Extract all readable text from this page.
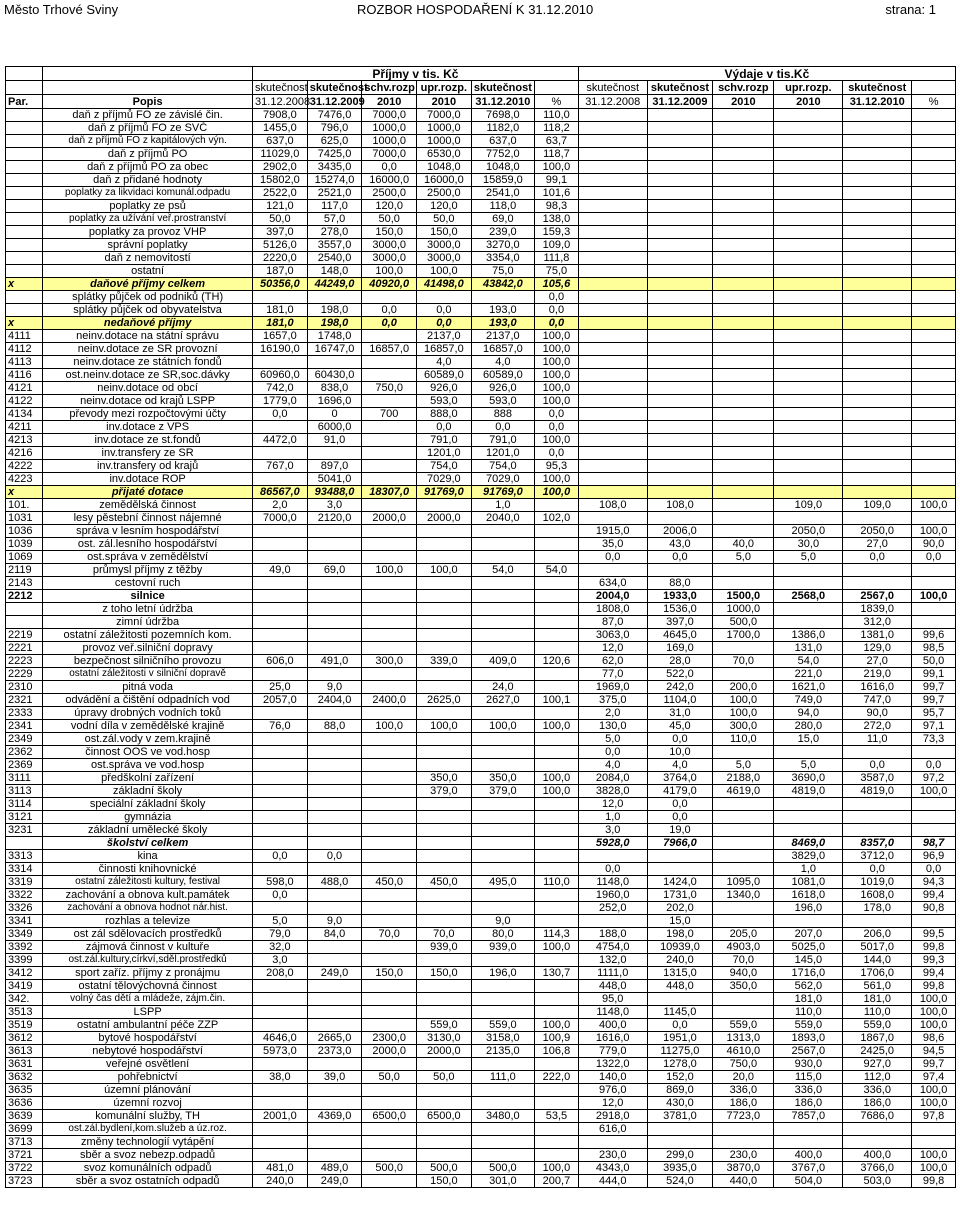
Město Trhové Sviny	ROZBOR HOSPODAŘENÍ K 31.12.2010	strana: 1
		Příjmy v tis. Kč						Výdaje v tis.Kč					
		skutečnost	skutečnost	schv.rozp	upr.rozp.	skutečnost		skutečnost	skutečnost	schv.rozp	upr.rozp.	skutečnost	
Par.	Popis	31.12.2008	31.12.2009	2010	2010	31.12.2010	%	31.12.2008	31.12.2009	2010	2010	31.12.2010	%
	daň z příjmů FO ze závislé čin.	7908,0	7476,0	7000,0	7000,0	7698,0	110,0						
	daň z příjmů FO ze SVČ	1455,0	796,0	1000,0	1000,0	1182,0	118,2						
	daň z příjmů FO z kapitálových výn.	637,0	625,0	1000,0	1000,0	637,0	63,7						
	daň z příjmů PO	11029,0	7425,0	7000,0	6530,0	7752,0	118,7						
	daň z příjmů PO za obec	2902,0	3435,0	0,0	1048,0	1048,0	100,0						
	daň z přidané hodnoty	15802,0	15274,0	16000,0	16000,0	15859,0	99,1						
	poplatky za likvidaci komunál.odpadu	2522,0	2521,0	2500,0	2500,0	2541,0	101,6						
	poplatky ze psů	121,0	117,0	120,0	120,0	118,0	98,3						
	poplatky za užívání veř.prostranství	50,0	57,0	50,0	50,0	69,0	138,0						
	poplatky za provoz VHP	397,0	278,0	150,0	150,0	239,0	159,3						
	správní poplatky	5126,0	3557,0	3000,0	3000,0	3270,0	109,0						
	daň z nemovitostí	2220,0	2540,0	3000,0	3000,0	3354,0	111,8						
	ostatní	187,0	148,0	100,0	100,0	75,0	75,0						
x	daňové příjmy celkem	50356,0	44249,0	40920,0	41498,0	43842,0	105,6						
	splátky půjček od podniků (TH)						0,0						
	splátky půjček od obyvatelstva	181,0	198,0	0,0	0,0	193,0	0,0						
x	nedaňové příjmy	181,0	198,0	0,0	0,0	193,0	0,0						
4111	neinv.dotace na státní správu	1657,0	1748,0		2137,0	2137,0	100,0						
4112	neinv.dotace ze SR provozní	16190,0	16747,0	16857,0	16857,0	16857,0	100,0						
4113	neinv.dotace ze státních fondů				4,0	4,0	100,0						
4116	ost.neinv.dotace ze SR,soc.dávky	60960,0	60430,0		60589,0	60589,0	100,0						
4121	neinv.dotace od obcí	742,0	838,0	750,0	926,0	926,0	100,0						
4122	neinv.dotace od krajů LSPP	1779,0	1696,0		593,0	593,0	100,0						
4134	převody mezi rozpočtovými účty	0,0	0	700	888,0	888	0,0						
4211	inv.dotace z VPS		6000,0		0,0	0,0	0,0						
4213	inv.dotace ze st.fondů	4472,0	91,0		791,0	791,0	100,0						
4216	inv.transfery ze SR				1201,0	1201,0	0,0						
4222	inv.transfery od krajů	767,0	897,0		754,0	754,0	95,3						
4223	inv.dotace ROP		5041,0		7029,0	7029,0	100,0						
x	přijaté dotace	86567,0	93488,0	18307,0	91769,0	91769,0	100,0						
101.	zemědělská činnost	2,0	3,0			1,0		108,0	108,0		109,0	109,0	100,0
1031	lesy pěstební činnost nájemné	7000,0	2120,0	2000,0	2000,0	2040,0	102,0						
1036	správa v lesním hospodářství							1915,0	2006,0		2050,0	2050,0	100,0
1039	ost. zál.lesního hospodářství							35,0	43,0	40,0	30,0	27,0	90,0
1069	ost.správa v zemědělství							0,0	0,0	5,0	5,0	0,0	0,0
2119	průmysl příjmy z těžby	49,0	69,0	100,0	100,0	54,0	54,0						
2143	cestovní ruch							634,0	88,0				
2212	silnice							2004,0	1933,0	1500,0	2568,0	2567,0	100,0
	z toho letní údržba							1808,0	1536,0	1000,0		1839,0	
	zimní údržba							87,0	397,0	500,0		312,0	
2219	ostatní záležitosti pozemních kom.							3063,0	4645,0	1700,0	1386,0	1381,0	99,6
2221	provoz veř.silniční dopravy							12,0	169,0		131,0	129,0	98,5
2223	bezpečnost silničního provozu	606,0	491,0	300,0	339,0	409,0	120,6	62,0	28,0	70,0	54,0	27,0	50,0
2229	ostatní záležitosti v silniční dopravě							77,0	522,0		221,0	219,0	99,1
2310	pitná voda	25,0	9,0			24,0		1969,0	242,0	200,0	1621,0	1616,0	99,7
2321	odvádění a čištění odpadních vod	2057,0	2404,0	2400,0	2625,0	2627,0	100,1	375,0	1104,0	100,0	749,0	747,0	99,7
2333	úpravy drobných vodních toků							2,0	31,0	100,0	94,0	90,0	95,7
2341	vodní díla v zemědělské krajině	76,0	88,0	100,0	100,0	100,0	100,0	130,0	45,0	300,0	280,0	272,0	97,1
2349	ost.zál.vody v zem.krajině							5,0	0,0	110,0	15,0	11,0	73,3
2362	činnost OOS ve vod.hosp							0,0	10,0				
2369	ost.správa ve vod.hosp							4,0	4,0	5,0	5,0	0,0	0,0
3111	předškolní zařízení				350,0	350,0	100,0	2084,0	3764,0	2188,0	3690,0	3587,0	97,2
3113	základní školy				379,0	379,0	100,0	3828,0	4179,0	4619,0	4819,0	4819,0	100,0
3114	speciální základní školy							12,0	0,0				
3121	gymnázia							1,0	0,0				
3231	základní umělecké školy							3,0	19,0				
	školství celkem							5928,0	7966,0		8469,0	8357,0	98,7
3313	kina	0,0	0,0								3829,0	3712,0	96,9
3314	činnosti knihovnické							0,0			1,0	0,0	0,0
3319	ostatní záležitosti kultury, festival	598,0	488,0	450,0	450,0	495,0	110,0	1148,0	1424,0	1095,0	1081,0	1019,0	94,3
3322	zachování a obnova kult.památek	0,0						1960,0	1731,0	1340,0	1618,0	1608,0	99,4
3326	zachování a obnova hodnot nár.hist.							252,0	202,0		196,0	178,0	90,8
3341	rozhlas a televize	5,0	9,0			9,0			15,0				
3349	ost zál sdělovacích prostředků	79,0	84,0	70,0	70,0	80,0	114,3	188,0	198,0	205,0	207,0	206,0	99,5
3392	zájmová činnost v kultuře	32,0			939,0	939,0	100,0	4754,0	10939,0	4903,0	5025,0	5017,0	99,8
3399	ost.zál.kultury,církví,sděl.prostředků	3,0						132,0	240,0	70,0	145,0	144,0	99,3
3412	sport zaříz. příjmy z pronájmu	208,0	249,0	150,0	150,0	196,0	130,7	1111,0	1315,0	940,0	1716,0	1706,0	99,4
3419	ostatní tělovýchovná činnost							448,0	448,0	350,0	562,0	561,0	99,8
342.	volný čas dětí a mládeže, zájm.čin.							95,0			181,0	181,0	100,0
3513	LSPP							1148,0	1145,0		110,0	110,0	100,0
3519	ostatní ambulantní péče ZZP				559,0	559,0	100,0	400,0	0,0	559,0	559,0	559,0	100,0
3612	bytové hospodářství	4646,0	2665,0	2300,0	3130,0	3158,0	100,9	1616,0	1951,0	1313,0	1893,0	1867,0	98,6
3613	nebytové hospodářství	5973,0	2373,0	2000,0	2000,0	2135,0	106,8	779,0	11275,0	4610,0	2567,0	2425,0	94,5
3631	veřejné osvětlení							1322,0	1278,0	750,0	930,0	927,0	99,7
3632	pohřebnictví	38,0	39,0	50,0	50,0	111,0	222,0	140,0	152,0	20,0	115,0	112,0	97,4
3635	územní plánování							976,0	869,0	336,0	336,0	336,0	100,0
3636	územní rozvoj							12,0	430,0	186,0	186,0	186,0	100,0
3639	komunální služby, TH	2001,0	4369,0	6500,0	6500,0	3480,0	53,5	2918,0	3781,0	7723,0	7857,0	7686,0	97,8
3699	ost.zál.bydlení,kom.služeb a úz.roz.							616,0					
3713	změny technologií vytápění												
3721	sběr a svoz nebezp.odpadů							230,0	299,0	230,0	400,0	400,0	100,0
3722	svoz komunálních odpadů	481,0	489,0	500,0	500,0	500,0	100,0	4343,0	3935,0	3870,0	3767,0	3766,0	100,0
3723	sběr a svoz ostatních odpadů	240,0	249,0		150,0	301,0	200,7	444,0	524,0	440,0	504,0	503,0	99,8
